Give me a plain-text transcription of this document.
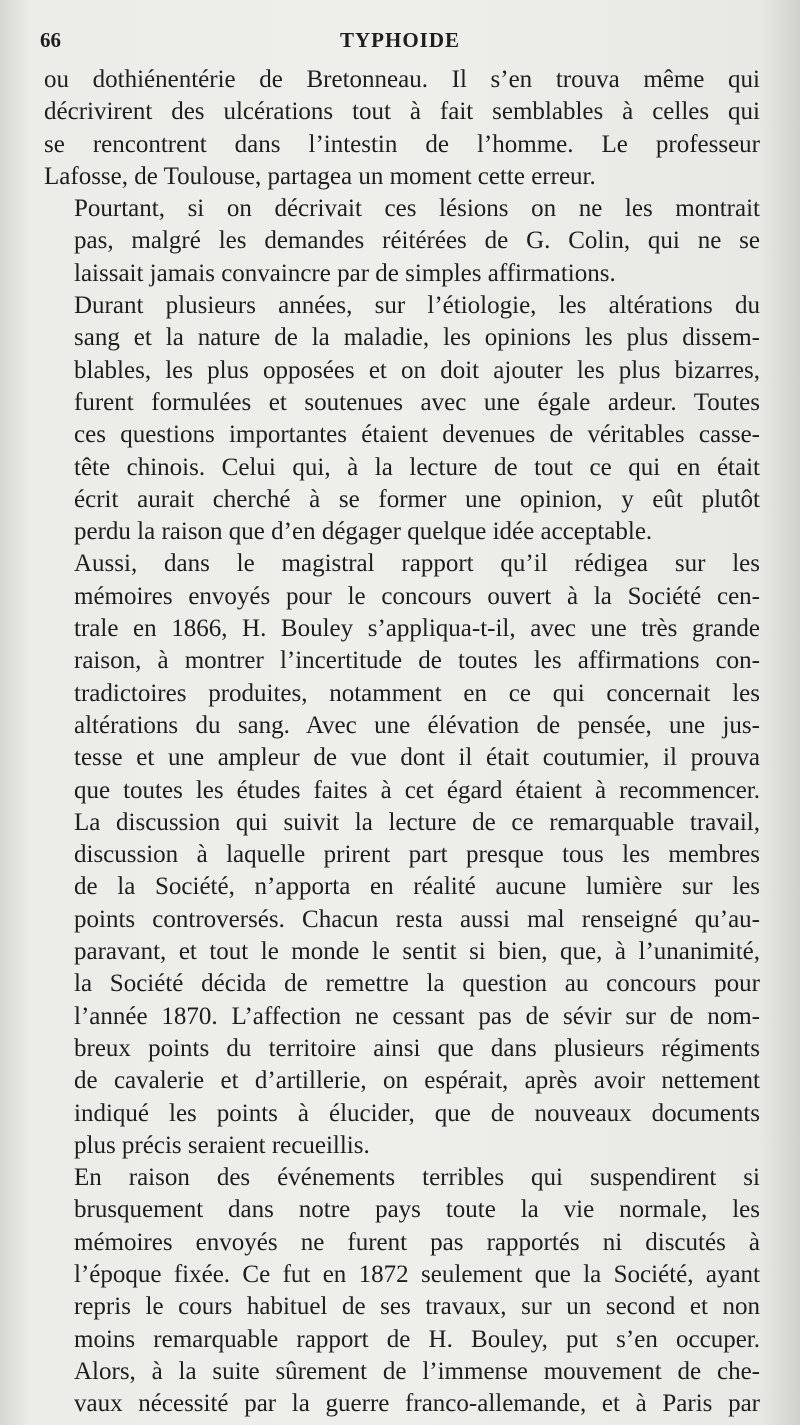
66	TYPHOIDE
ou dothiénentérie de Bretonneau. Il s’en trouva même qui
décrivirent des ulcérations tout à fait semblables à celles qui
se rencontrent dans l’intestin de l’homme. Le professeur
Lafosse, de Toulouse, partagea un moment cette erreur.
Pourtant, si on décrivait ces lésions on ne les montrait
pas, malgré les demandes réitérées de G. Colin, qui ne se
laissait jamais convaincre par de simples affirmations.
Durant plusieurs années, sur l’étiologie, les altérations du
sang et la nature de la maladie, les opinions les plus dissem-
blables, les plus opposées et on doit ajouter les plus bizarres,
furent formulées et soutenues avec une égale ardeur. Toutes
ces questions importantes étaient devenues de véritables casse-
tête chinois. Celui qui, à la lecture de tout ce qui en était
écrit aurait cherché à se former une opinion, y eût plutôt
perdu la raison que d’en dégager quelque idée acceptable.
Aussi, dans le magistral rapport qu’il rédigea sur les
mémoires envoyés pour le concours ouvert à la Société cen-
trale en 1866, H. Bouley s’appliqua-t-il, avec une très grande
raison, à montrer l’incertitude de toutes les affirmations con-
tradictoires produites, notamment en ce qui concernait les
altérations du sang. Avec une élévation de pensée, une jus-
tesse et une ampleur de vue dont il était coutumier, il prouva
que toutes les études faites à cet égard étaient à recommencer.
La discussion qui suivit la lecture de ce remarquable travail,
discussion à laquelle prirent part presque tous les membres
de la Société, n’apporta en réalité aucune lumière sur les
points controversés. Chacun resta aussi mal renseigné qu’au-
paravant, et tout le monde le sentit si bien, que, à l’unanimité,
la Société décida de remettre la question au concours pour
l’année 1870. L’affection ne cessant pas de sévir sur de nom-
breux points du territoire ainsi que dans plusieurs régiments
de cavalerie et d’artillerie, on espérait, après avoir nettement
indiqué les points à élucider, que de nouveaux documents
plus précis seraient recueillis.
En raison des événements terribles qui suspendirent si
brusquement dans notre pays toute la vie normale, les
mémoires envoyés ne furent pas rapportés ni discutés à
l’époque fixée. Ce fut en 1872 seulement que la Société, ayant
repris le cours habituel de ses travaux, sur un second et non
moins remarquable rapport de H. Bouley, put s’en occuper.
Alors, à la suite sûrement de l’immense mouvement de che-
vaux nécessité par la guerre franco-allemande, et à Paris par
